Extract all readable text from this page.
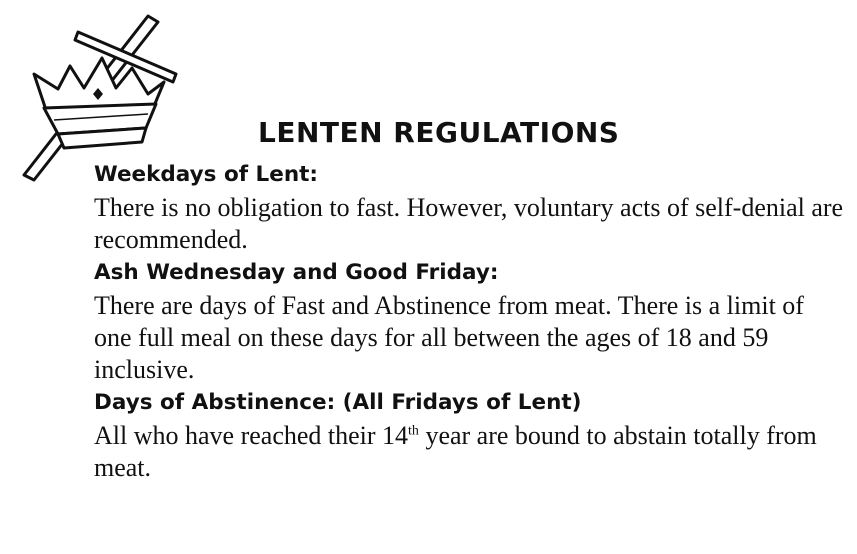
LENTEN REGULATIONS
Weekdays of Lent:

There is no obligation to fast. However, voluntary acts of self-denial are recommended.

Ash Wednesday and Good Friday:

There are days of Fast and Abstinence from meat. There is a limit of one full meal on these days for all between the ages of 18 and 59 inclusive.

Days of Abstinence: (All Fridays of Lent)

All who have reached their 14th year are bound to abstain totally from meat.
